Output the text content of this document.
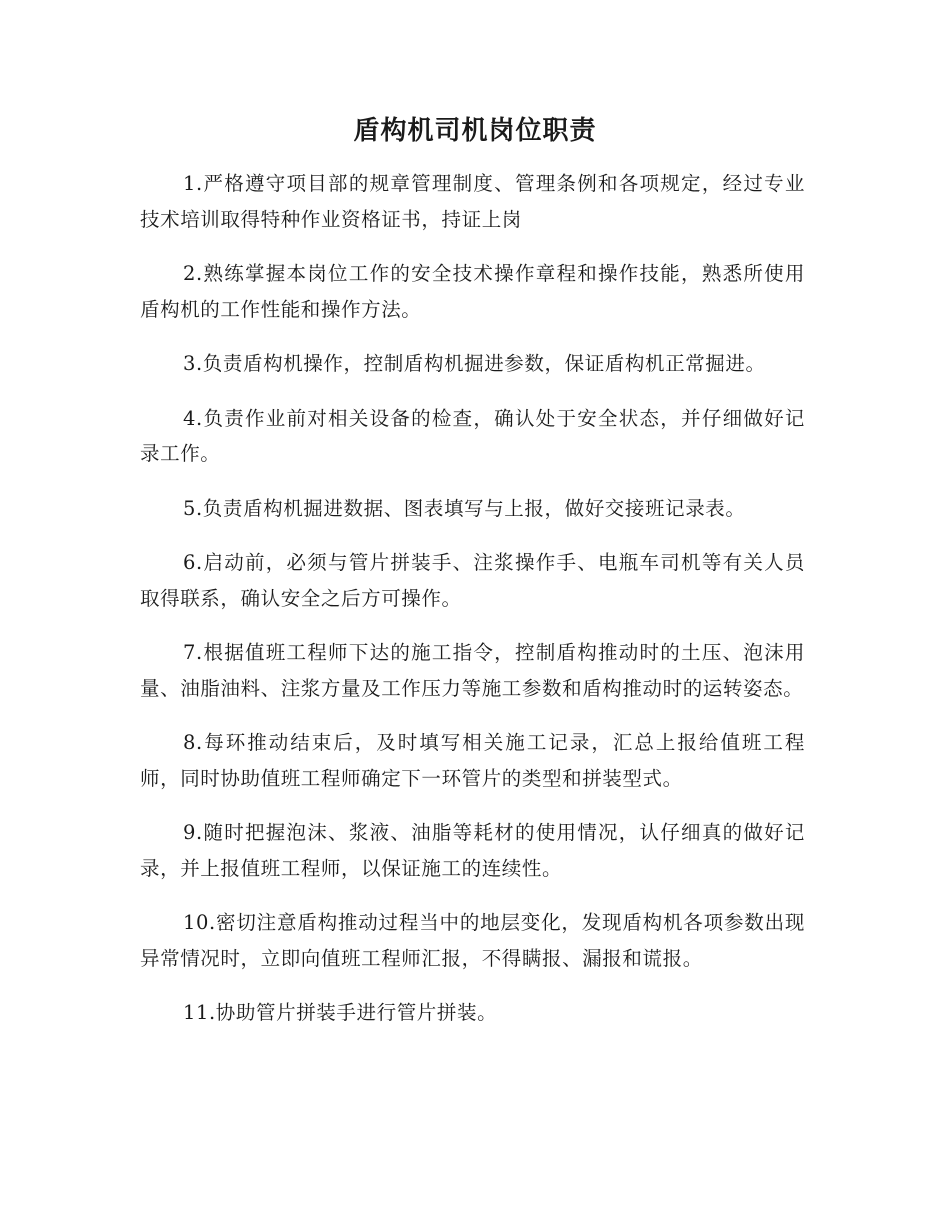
盾构机司机岗位职责

1.严格遵守项目部的规章管理制度、管理条例和各项规定，经过专业技术培训取得特种作业资格证书，持证上岗

2.熟练掌握本岗位工作的安全技术操作章程和操作技能，熟悉所使用盾构机的工作性能和操作方法。

3.负责盾构机操作，控制盾构机掘进参数，保证盾构机正常掘进。

4.负责作业前对相关设备的检查，确认处于安全状态，并仔细做好记录工作。

5.负责盾构机掘进数据、图表填写与上报，做好交接班记录表。

6.启动前，必须与管片拼装手、注浆操作手、电瓶车司机等有关人员取得联系，确认安全之后方可操作。

7.根据值班工程师下达的施工指令，控制盾构推动时的土压、泡沫用量、油脂油料、注浆方量及工作压力等施工参数和盾构推动时的运转姿态。

8.每环推动结束后，及时填写相关施工记录，汇总上报给值班工程师，同时协助值班工程师确定下一环管片的类型和拼装型式。

9.随时把握泡沫、浆液、油脂等耗材的使用情况，认仔细真的做好记录，并上报值班工程师，以保证施工的连续性。

10.密切注意盾构推动过程当中的地层变化，发现盾构机各项参数出现异常情况时，立即向值班工程师汇报，不得瞒报、漏报和谎报。

11.协助管片拼装手进行管片拼装。
